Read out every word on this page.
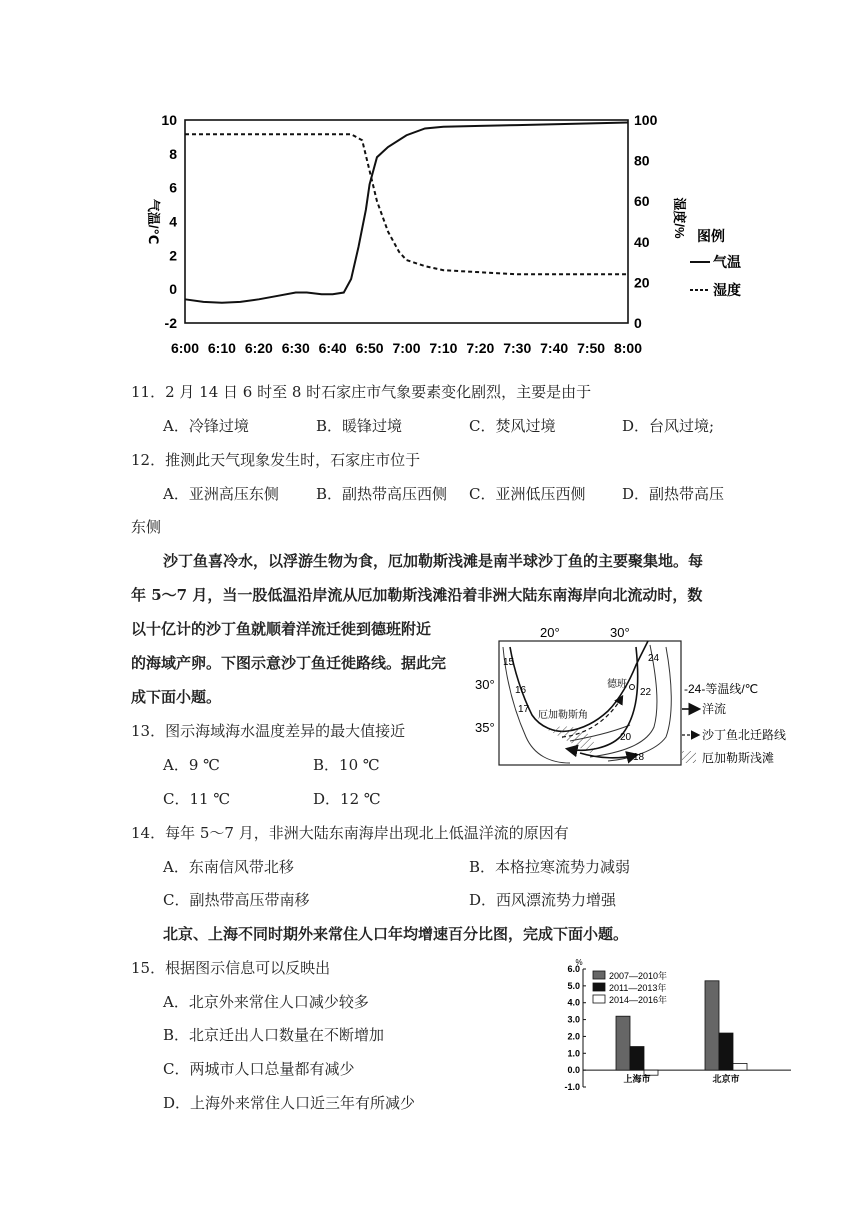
10
8
6
4
2
0
-2
100
80
60
40
20
0
6:00 6:10 6:20 6:30 6:40 6:50 7:00 7:10 7:20 7:30 7:40 7:50 8:00
气温/℃	湿度/% 图例
气温
湿度
11．2 月 14 日 6 时至 8 时石家庄市气象要素变化剧烈，主要是由于
A．冷锋过境	B．暖锋过境	C．焚风过境	D．台风过境;
12．推测此天气现象发生时，石家庄市位于
A．亚洲高压东侧 B．副热带高压西侧 C．亚洲低压西侧 D．副热带高压
东侧
沙丁鱼喜冷水，以浮游生物为食，厄加勒斯浅滩是南半球沙丁鱼的主要聚集地。每
年 5～7 月，当一股低温沿岸流从厄加勒斯浅滩沿着非洲大陆东南海岸向北流动时，数
以十亿计的沙丁鱼就顺着洋流迁徙到德班附近
的海域产卵。下图示意沙丁鱼迁徙路线。据此完
成下面小题。
20°	30°
30°
35°
德班
厄加勒斯角
15
16
17
24
22
20
18
-24-等温线/℃
洋流
沙丁鱼北迁路线
厄加勒斯浅滩
13．图示海域海水温度差异的最大值接近
A．9 ℃	B．10 ℃
C．11 ℃	D．12 ℃
14．每年 5～7 月，非洲大陆东南海岸出现北上低温洋流的原因有
A．东南信风带北移	B．本格拉寒流势力减弱
C．副热带高压带南移	D．西风漂流势力增强
北京、上海不同时期外来常住人口年均增速百分比图，完成下面小题。
15．根据图示信息可以反映出
A．北京外来常住人口减少较多
B．北京迁出人口数量在不断增加
C．两城市人口总量都有减少
D．上海外来常住人口近三年有所减少
%
6.0
5.0
4.0
3.0
2.0
1.0
0.0
-1.0
上海市	北京市
2007—2010年
2011—2013年
2014—2016年
